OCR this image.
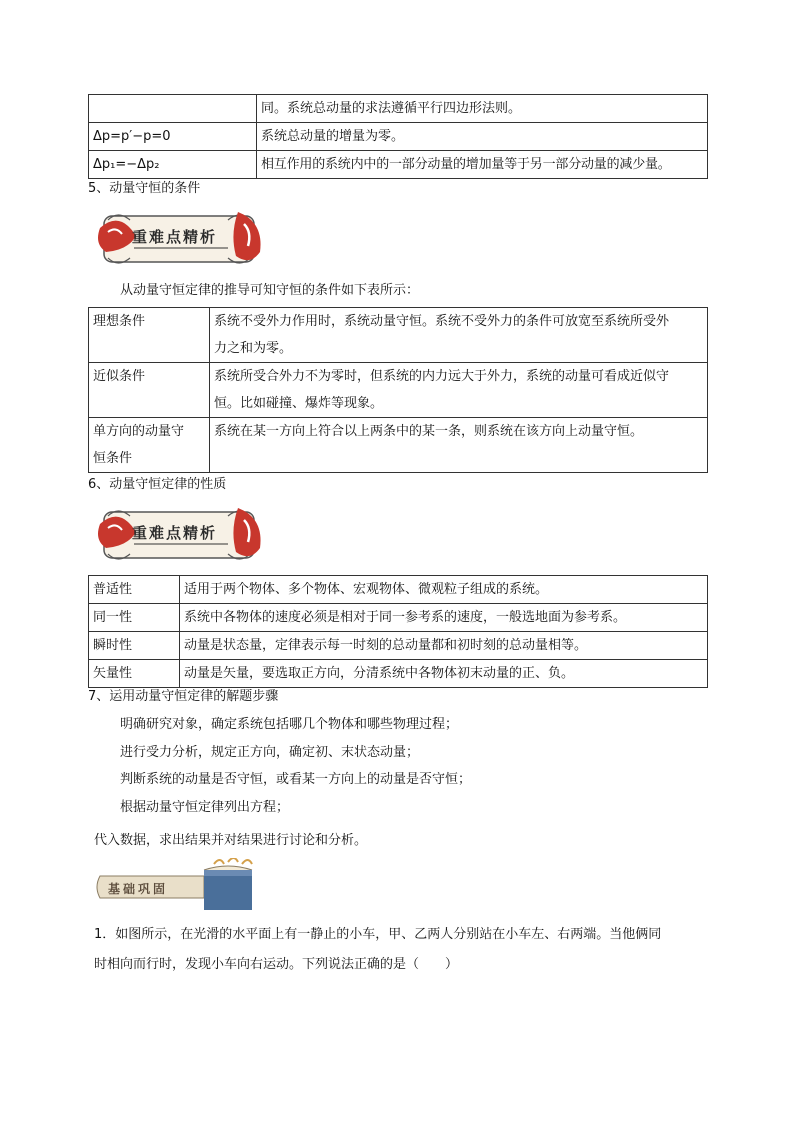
	同。系统总动量的求法遵循平行四边形法则。
Δp=p′−p=0	系统总动量的增量为零。
Δp₁=−Δp₂	相互作用的系统内中的一部分动量的增加量等于另一部分动量的减少量。
5、动量守恒的条件
重难点精析
从动量守恒定律的推导可知守恒的条件如下表所示：
理想条件	系统不受外力作用时，系统动量守恒。系统不受外力的条件可放宽至系统所受外
力之和为零。
近似条件	系统所受合外力不为零时，但系统的内力远大于外力，系统的动量可看成近似守
恒。比如碰撞、爆炸等现象。
单方向的动量守
恒条件	系统在某一方向上符合以上两条中的某一条，则系统在该方向上动量守恒。
6、动量守恒定律的性质
重难点精析
普适性	适用于两个物体、多个物体、宏观物体、微观粒子组成的系统。
同一性	系统中各物体的速度必须是相对于同一参考系的速度，一般选地面为参考系。
瞬时性	动量是状态量，定律表示每一时刻的总动量都和初时刻的总动量相等。
矢量性	动量是矢量，要选取正方向，分清系统中各物体初末动量的正、负。
7、运用动量守恒定律的解题步骤
明确研究对象，确定系统包括哪几个物体和哪些物理过程；
进行受力分析，规定正方向，确定初、末状态动量；
判断系统的动量是否守恒，或看某一方向上的动量是否守恒；
根据动量守恒定律列出方程；
代入数据，求出结果并对结果进行讨论和分析。
基础巩固
1．如图所示，在光滑的水平面上有一静止的小车，甲、乙两人分别站在小车左、右两端。当他俩同
时相向而行时，发现小车向右运动。下列说法正确的是（　　）
